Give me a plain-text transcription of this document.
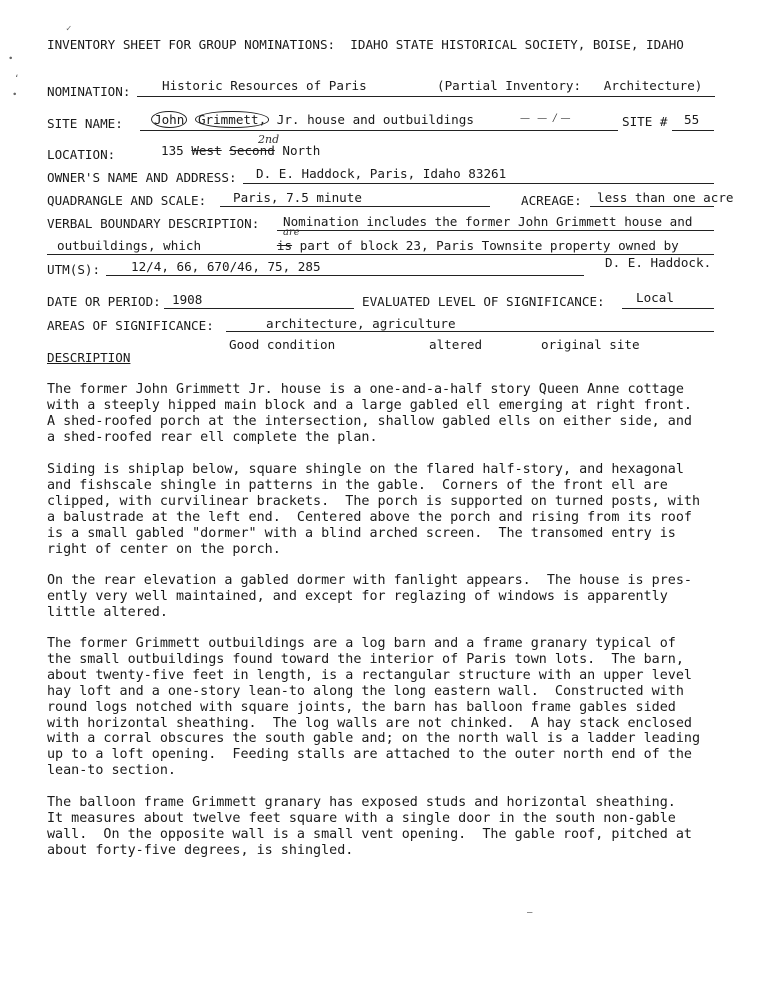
✓
∙
ʻ
∙
INVENTORY SHEET FOR GROUP NOMINATIONS:  IDAHO STATE HISTORICAL SOCIETY, BOISE, IDAHO
NOMINATION:	Historic Resources of Paris	(Partial Inventory:   Architecture)
SITE NAME: John Grimmett, Jr. house and outbuildings	—   —   /  —	SITE # 55
LOCATION:	135 West Second North
2nd
OWNER'S NAME AND ADDRESS: D. E. Haddock, Paris, Idaho 83261
QUADRANGLE AND SCALE: Paris, 7.5 minute	ACREAGE: less than one acre
VERBAL BOUNDARY DESCRIPTION: Nomination includes the former John Grimmett house and
outbuildings, which	is part of block 23, Paris Townsite property owned by
are
D. E. Haddock.
UTM(S): 12/4, 66, 670/46, 75, 285
DATE OR PERIOD: 1908	EVALUATED LEVEL OF SIGNIFICANCE: Local
AREAS OF SIGNIFICANCE:	architecture, agriculture
Good condition	altered	original site
DESCRIPTION
The former John Grimmett Jr. house is a one-and-a-half story Queen Anne cottage
with a steeply hipped main block and a large gabled ell emerging at right front.
A shed-roofed porch at the intersection, shallow gabled ells on either side, and
a shed-roofed rear ell complete the plan.
Siding is shiplap below, square shingle on the flared half-story, and hexagonal
and fishscale shingle in patterns in the gable.  Corners of the front ell are
clipped, with curvilinear brackets.  The porch is supported on turned posts, with
a balustrade at the left end.  Centered above the porch and rising from its roof
is a small gabled "dormer" with a blind arched screen.  The transomed entry is
right of center on the porch.
On the rear elevation a gabled dormer with fanlight appears.  The house is pres-
ently very well maintained, and except for reglazing of windows is apparently
little altered.
The former Grimmett outbuildings are a log barn and a frame granary typical of
the small outbuildings found toward the interior of Paris town lots.  The barn,
about twenty-five feet in length, is a rectangular structure with an upper level
hay loft and a one-story lean-to along the long eastern wall.  Constructed with
round logs notched with square joints, the barn has balloon frame gables sided
with horizontal sheathing.  The log walls are not chinked.  A hay stack enclosed
with a corral obscures the south gable and; on the north wall is a ladder leading
up to a loft opening.  Feeding stalls are attached to the outer north end of the
lean-to section.
The balloon frame Grimmett granary has exposed studs and horizontal sheathing.
It measures about twelve feet square with a single door in the south non-gable
wall.  On the opposite wall is a small vent opening.  The gable roof, pitched at
about forty-five degrees, is shingled.
—
